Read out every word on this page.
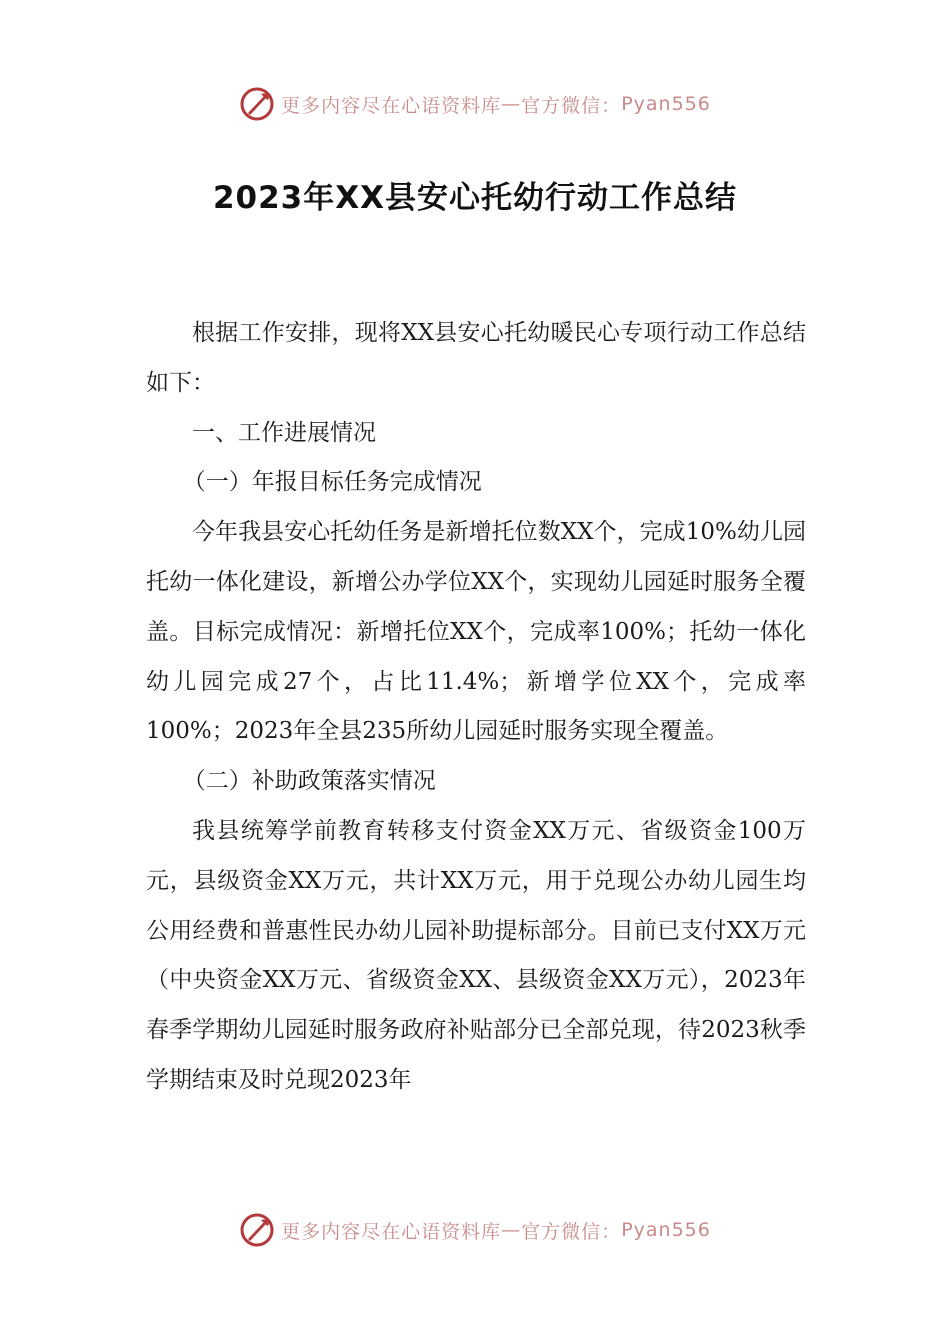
更多内容尽在心语资料库 — 官方微信： Pyan556
2023年XX县安心托幼行动工作总结

根据工作安排，现将XX县安心托幼暖民心专项行动工作总结如下：

一、工作进展情况

（一）年报目标任务完成情况

今年我县安心托幼任务是新增托位数XX个，完成10%幼儿园托幼一体化建设，新增公办学位XX个，实现幼儿园延时服务全覆盖。目标完成情况：新增托位XX个，完成率100%；托幼一体化幼儿园完成27个，占比11.4%；新增学位XX个，完成率100%；2023年全县235所幼儿园延时服务实现全覆盖。

（二）补助政策落实情况

我县统筹学前教育转移支付资金XX万元、省级资金100万元，县级资金XX万元，共计XX万元，用于兑现公办幼儿园生均公用经费和普惠性民办幼儿园补助提标部分。目前已支付XX万元（中央资金XX万元、省级资金XX、县级资金XX万元），2023年春季学期幼儿园延时服务政府补贴部分已全部兑现，待2023秋季学期结束及时兑现2023年

更多内容尽在心语资料库 — 官方微信： Pyan556
